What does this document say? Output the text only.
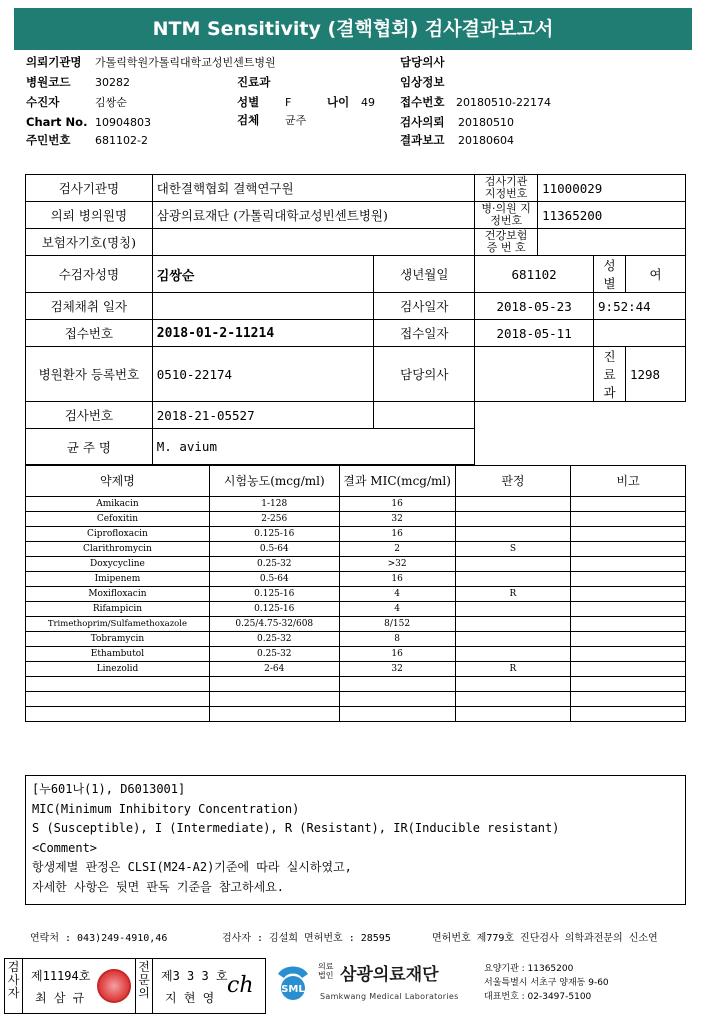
NTM Sensitivity (결핵협회) 검사결과보고서
의뢰기관명 가톨릭학원가톨릭대학교성빈센트병원
병원코드 30282
수진자	김쌍순
Chart No. 10904803
주민번호 681102-2
진료과
성별 F	나이 49
검체 균주
담당의사
임상정보
접수번호 20180510-22174
검사의뢰 20180510
결과보고 20180604
검사기관명	대한결핵협회 결핵연구원		검사기관 지정번호	11000029		
의뢰 병의원명	삼광의료재단 (가톨릭대학교성빈센트병원)		병·의원 지정번호	11365200		
보험자기호(명칭)			건강보험 증 번 호			
수검자성명	김쌍순	생년월일	681102		성별	여
검체채취 일자		검사일자	2018-05-23		9:52:44	
접수번호	2018-01-2-11214	접수일자	2018-05-11			
병원환자 등록번호	0510-22174	담당의사			진료과	1298
검사번호	2018-21-05527					
균 주 명	M. avium					
약제명	시험농도(mcg/ml)	결과 MIC(mcg/ml)	판정	비고
Amikacin	1-128	16		
Cefoxitin	2-256	32		
Ciprofloxacin	0.125-16	16		
Clarithromycin	0.5-64	2	S	
Doxycycline	0.25-32	>32		
Imipenem	0.5-64	16		
Moxifloxacin	0.125-16	4	R	
Rifampicin	0.125-16	4		
Trimethoprim/Sulfamethoxazole	0.25/4.75-32/608	8/152		
Tobramycin	0.25-32	8		
Ethambutol	0.25-32	16		
Linezolid	2-64	32	R	

[누601나(1), D6013001]
MIC(Minimum Inhibitory Concentration)
S (Susceptible), I (Intermediate), R (Resistant), IR(Inducible resistant)
<Comment>
항생제별 판정은 CLSI(M24-A2)기준에 따라 실시하였고,
자세한 사항은 뒷면 판독 기준을 참고하세요.
연락처 : 043)249-4910,46	검사자 : 김설희 면허번호 : 28595	면허번호 제779호 진단검사 의학과전문의 신소연
검사자
제11194호
최 삼 규
전문의
제3 3 3 호
지 현 영 ch	SML
의료 법인 삼광의료재단
Samkwang Medical Laboratories
요양기관 : 11365200
서울특별시 서초구 양재동 9-60
대표번호 : 02-3497-5100
